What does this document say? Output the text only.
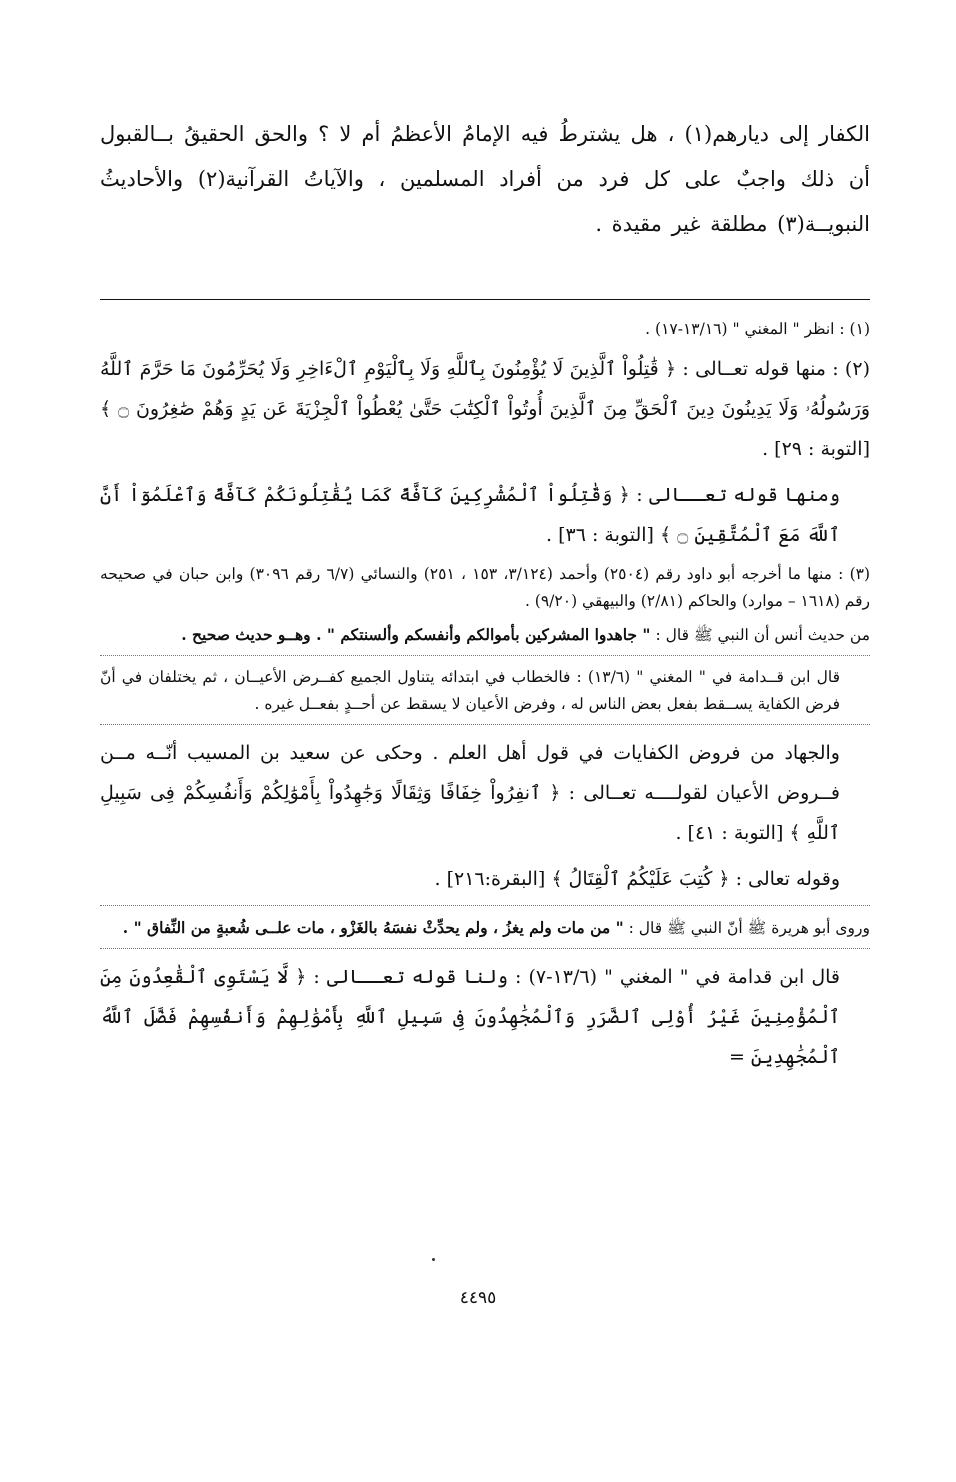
الكفار إلى ديارهم(١) ، هل يشترطُ فيه الإمامُ الأعظمُ أم لا ؟ والحق الحقيقُ بــالقبول أن ذلك واجبٌ على كل فرد من أفراد المسلمين ، والآياتُ القرآنية(٢) والأحاديثُ النبويــة(٣) مطلقة غير مقيدة .

(١) : انظر " المغني " (١٣/١٦-١٧) .

(٢) : منها قوله تعــالى : ﴿ قَٰتِلُواْ ٱلَّذِينَ لَا يُؤْمِنُونَ بِٱللَّهِ وَلَا بِٱلْيَوْمِ ٱلْءَاخِرِ وَلَا يُحَرِّمُونَ مَا حَرَّمَ ٱللَّهُ وَرَسُولُهُۥ وَلَا يَدِينُونَ دِينَ ٱلْحَقِّ مِنَ ٱلَّذِينَ أُوتُواْ ٱلْكِتَٰبَ حَتَّىٰ يُعْطُواْ ٱلْجِزْيَةَ عَن يَدٍ وَهُمْ صَٰغِرُونَ ۝ ﴾ [التوبة : ٢٩] .

ومنها قوله تعــالى : ﴿ وَقَٰتِلُواْ ٱلْمُشْرِكِينَ كَآفَّةً كَمَا يُقَٰتِلُونَكُمْ كَآفَّةً وَٱعْلَمُوٓاْ أَنَّ ٱللَّهَ مَعَ ٱلْمُتَّقِينَ ۝ ﴾ [التوبة : ٣٦] .

(٣) : منها ما أخرجه أبو داود رقم (٢٥٠٤) وأحمد (٣/١٢٤، ١٥٣ ، ٢٥١) والنسائي (٦/٧ رقم ٣٠٩٦) وابن حبان في صحيحه رقم (١٦١٨ – موارد) والحاكم (٢/٨١) والبيهقي (٩/٢٠) .

من حديث أنس أن النبي ﷺ قال : " جاهدوا المشركين بأموالكم وأنفسكم وألسنتكم " . وهــو حديث صحيح .

قال ابن قــدامة في " المغني " (١٣/٦) : فالخطاب في ابتدائه يتناول الجميع كفــرض الأعيــان ، ثم يختلفان في أنّ فرض الكفاية يســقط بفعل بعض الناس له ، وفرض الأعيان لا يسقط عن أحــدٍ بفعــل غيره .

والجهاد من فروض الكفايات في قول أهل العلم . وحكى عن سعيد بن المسيب أنّــه مــن فــروض الأعيان لقولــــه تعــالى : ﴿ ٱنفِرُواْ خِفَافًا وَثِقَالًا وَجَٰهِدُواْ بِأَمْوَٰلِكُمْ وَأَنفُسِكُمْ فِى سَبِيلِ ٱللَّهِ ﴾ [التوبة : ٤١] .

وقوله تعالى : ﴿ كُتِبَ عَلَيْكُمُ ٱلْقِتَالُ ﴾ [البقرة:٢١٦] .

وروى أبو هريرة ﷺ أنّ النبي ﷺ قال : " من مات ولم يغزُ ، ولم يحدِّثْ نفسَهُ بالغَزْو ، مات علــى شُعبةٍ من النِّفاق " .

قال ابن قدامة في " المغني " (١٣/٦-٧) : ولنا قوله تعــالى : ﴿ لَّا يَسْتَوِى ٱلْقَٰعِدُونَ مِنَ ٱلْمُؤْمِنِينَ غَيْرُ أُوْلِى ٱلضَّرَرِ وَٱلْمُجَٰهِدُونَ فِى سَبِيلِ ٱللَّهِ بِأَمْوَٰلِهِمْ وَأَنفُسِهِمْ فَضَّلَ ٱللَّهُ ٱلْمُجَٰهِدِينَ =

٤٤٩٥
